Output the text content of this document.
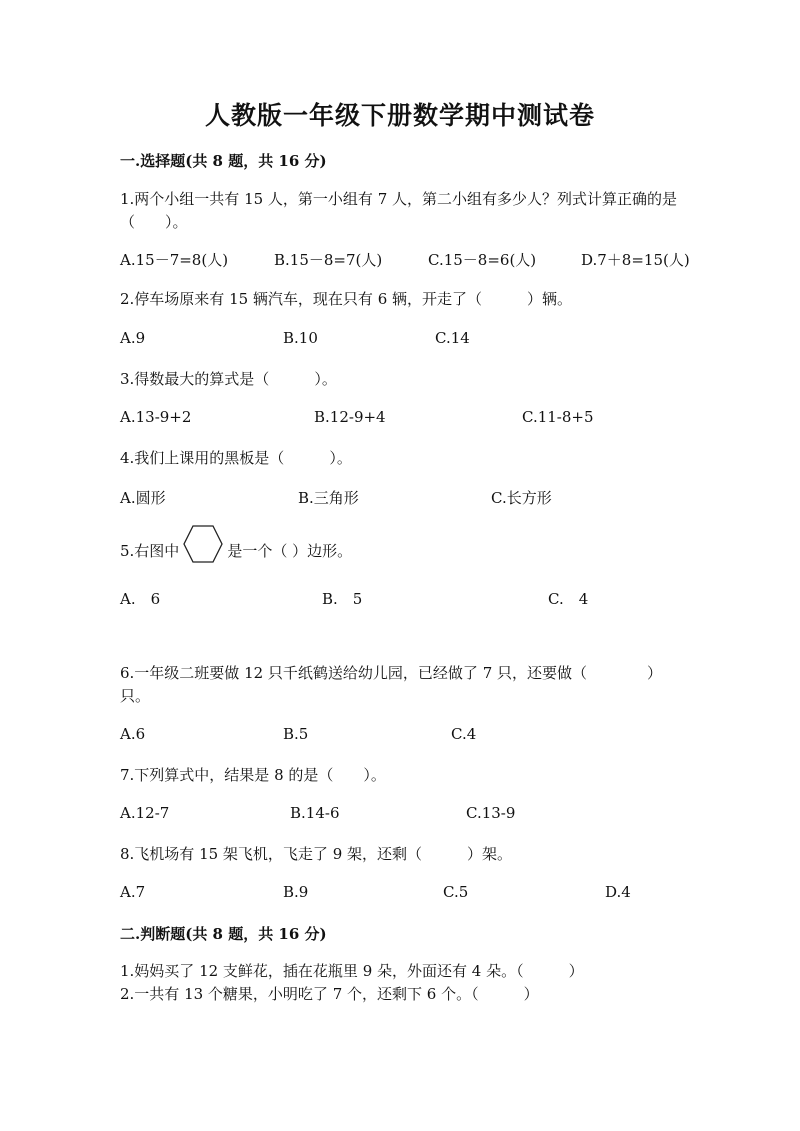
人教版一年级下册数学期中测试卷
一.选择题(共 8 题，共 16 分)
1.两个小组一共有 15 人，第一小组有 7 人，第二小组有多少人？列式计算正确的是（　　）。
A.15－7=8(人)	B.15－8=7(人)	C.15－8=6(人)	D.7＋8=15(人)
2.停车场原来有 15 辆汽车，现在只有 6 辆，开走了（　　　）辆。
A.9	B.10	C.14
3.得数最大的算式是（　　　）。
A.13-9+2	B.12-9+4	C.11-8+5
4.我们上课用的黑板是（　　　）。
A.圆形	B.三角形	C.长方形
5.右图中	是一个（ ）边形。
A.　6	B.　5	C.　4
6.一年级二班要做 12 只千纸鹤送给幼儿园，已经做了 7 只，还要做（　　　　）只。
A.6	B.5	C.4
7.下列算式中，结果是 8 的是（　　）。
A.12-7	B.14-6	C.13-9
8.飞机场有 15 架飞机，飞走了 9 架，还剩（　　　）架。
A.7	B.9	C.5	D.4
二.判断题(共 8 题，共 16 分)
1.妈妈买了 12 支鲜花，插在花瓶里 9 朵，外面还有 4 朵。（　　　）
2.一共有 13 个糖果，小明吃了 7 个，还剩下 6 个。（　　　）
